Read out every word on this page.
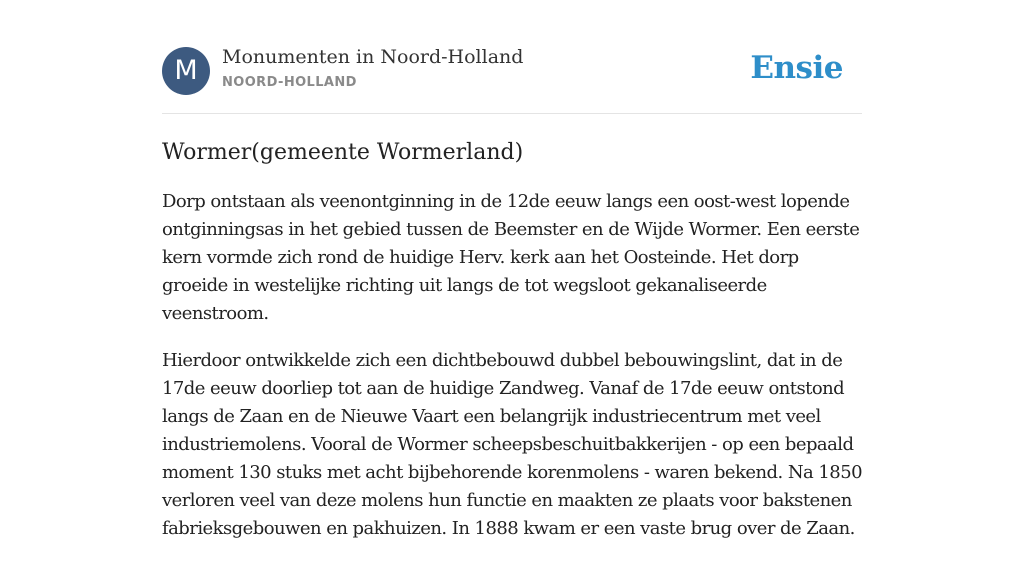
M	Monumenten in Noord-Holland
NOORD-HOLLAND	Ensie
Wormer(gemeente Wormerland)

Dorp ontstaan als veenontginning in de 12de eeuw langs een oost-west lopende ontginningsas in het gebied tussen de Beemster en de Wijde Wormer. Een eerste kern vormde zich rond de huidige Herv. kerk aan het Oosteinde. Het dorp groeide in westelijke richting uit langs de tot wegsloot gekanaliseerde veenstroom.

Hierdoor ontwikkelde zich een dichtbebouwd dubbel bebouwingslint, dat in de 17de eeuw doorliep tot aan de huidige Zandweg. Vanaf de 17de eeuw ontstond langs de Zaan en de Nieuwe Vaart een belangrijk industriecentrum met veel industriemolens. Vooral de Wormer scheepsbeschuitbakkerijen - op een bepaald moment 130 stuks met acht bijbehorende korenmolens - waren bekend. Na 1850 verloren veel van deze molens hun functie en maakten ze plaats voor bakstenen fabrieksgebouwen en pakhuizen. In 1888 kwam er een vaste brug over de Zaan.
